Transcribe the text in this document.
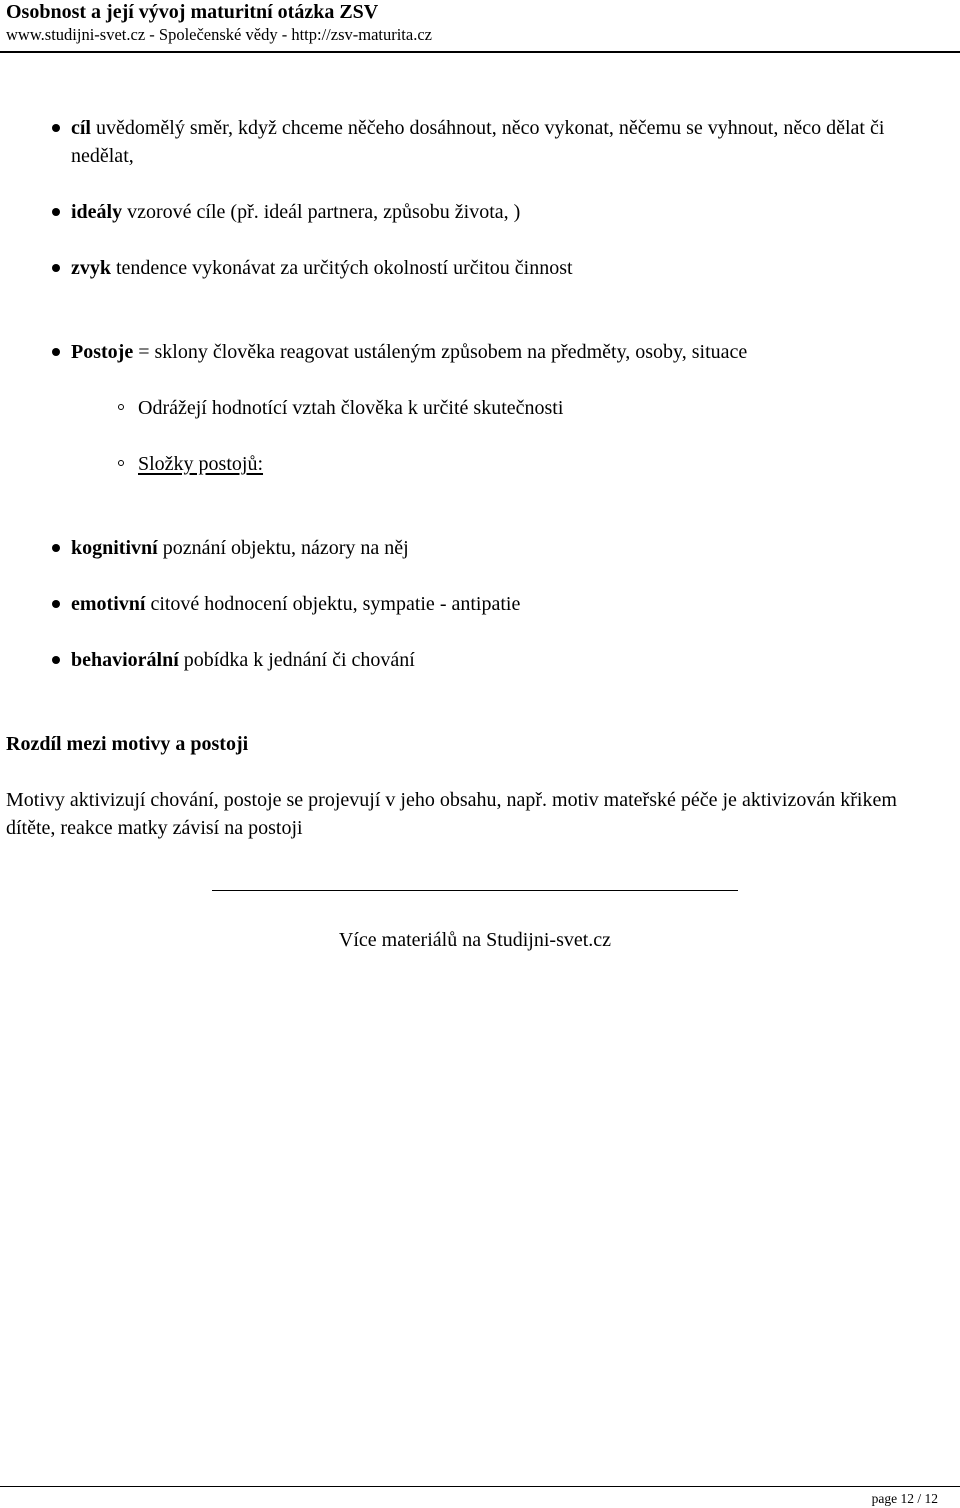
Osobnost a její vývoj maturitní otázka ZSV
www.studijni-svet.cz - Společenské vědy - http://zsv-maturita.cz
cíl uvědomělý směr, když chceme něčeho dosáhnout, něco vykonat, něčemu se vyhnout, něco dělat či nedělat,
ideály vzorové cíle (př. ideál partnera, způsobu života, )
zvyk tendence vykonávat za určitých okolností určitou činnost
Postoje = sklony člověka reagovat ustáleným způsobem na předměty, osoby, situace
Odrážejí hodnotící vztah člověka k určité skutečnosti
Složky postojů:
kognitivní poznání objektu, názory na něj
emotivní citové hodnocení objektu, sympatie - antipatie
behaviorální pobídka k jednání či chování
Rozdíl mezi motivy a postoji
Motivy aktivizují chování, postoje se projevují v jeho obsahu, např. motiv mateřské péče je aktivizován křikem dítěte, reakce matky závisí na postoji
Více materiálů na Studijni-svet.cz
page 12 / 12
